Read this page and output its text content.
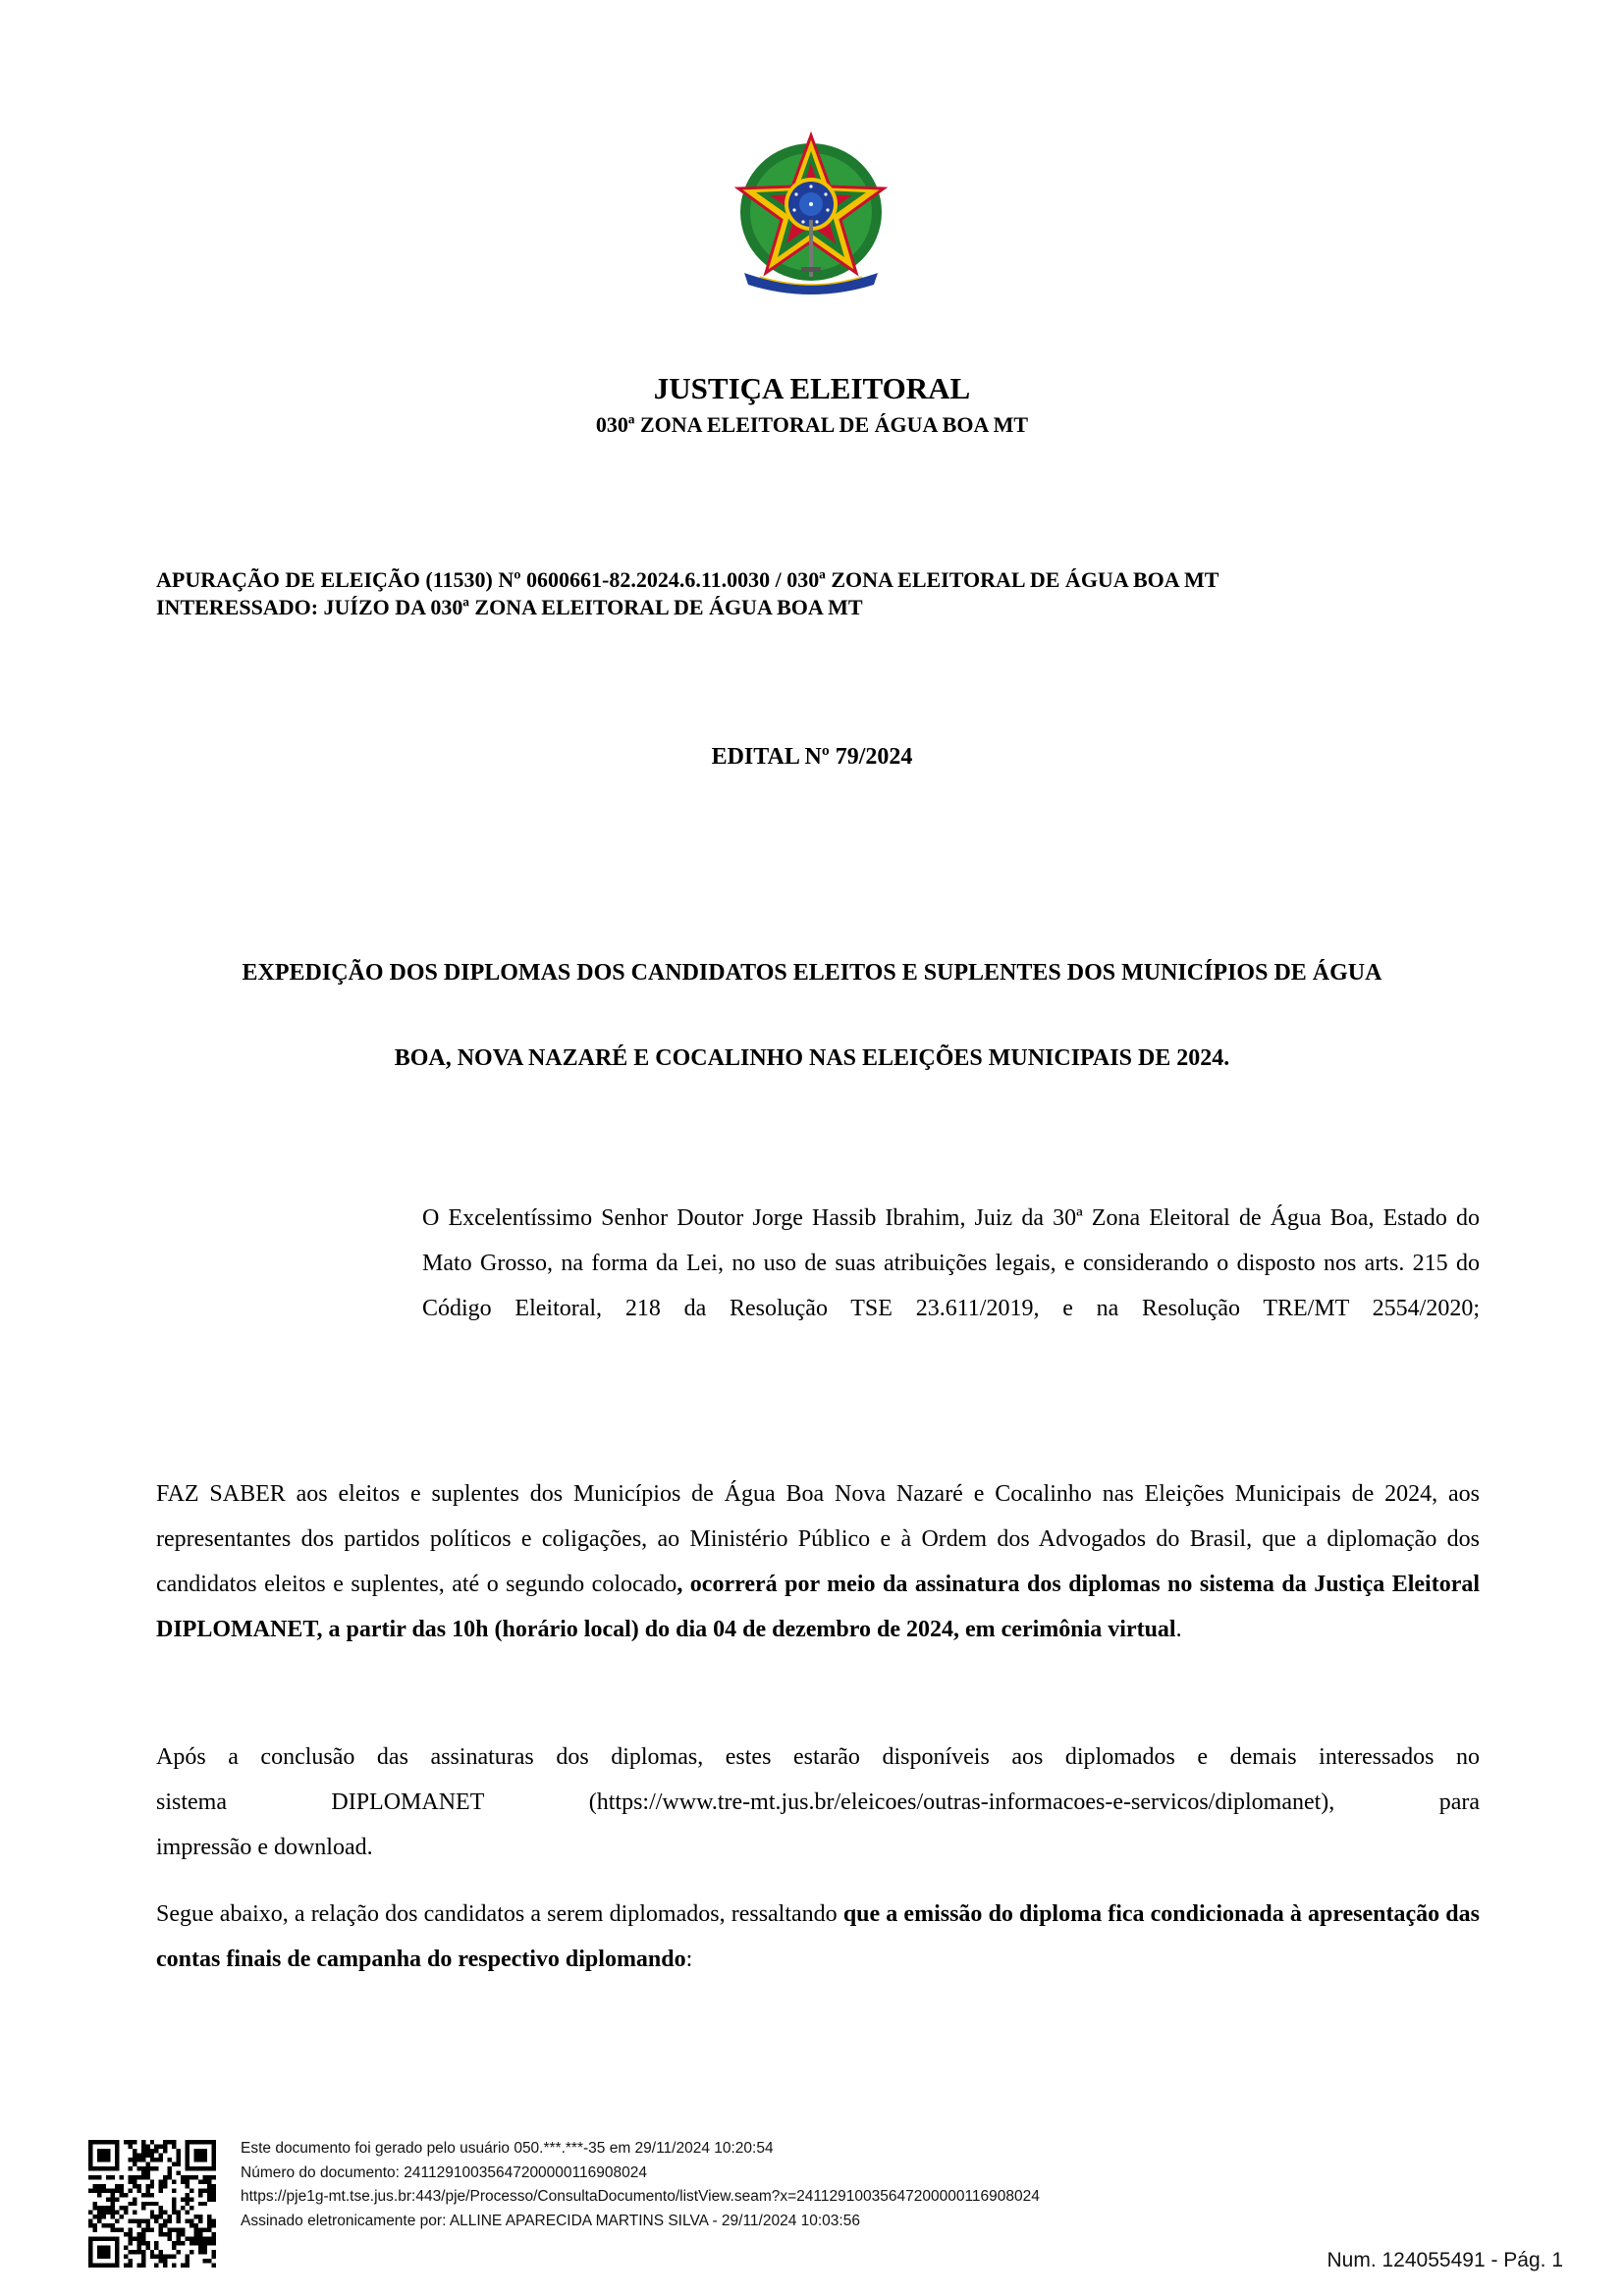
JUSTIÇA ELEITORAL
030ª ZONA ELEITORAL DE ÁGUA BOA MT
APURAÇÃO DE ELEIÇÃO (11530) Nº 0600661-82.2024.6.11.0030 / 030ª ZONA ELEITORAL DE ÁGUA BOA MT
INTERESSADO: JUÍZO DA 030ª ZONA ELEITORAL DE ÁGUA BOA MT
EDITAL Nº 79/2024
EXPEDIÇÃO DOS DIPLOMAS DOS CANDIDATOS ELEITOS E SUPLENTES DOS MUNICÍPIOS DE ÁGUA
BOA, NOVA NAZARÉ E COCALINHO NAS ELEIÇÕES MUNICIPAIS DE 2024.
O Excelentíssimo Senhor Doutor Jorge Hassib Ibrahim, Juiz da 30ª Zona Eleitoral de Água Boa, Estado do Mato Grosso, na forma da Lei, no uso de suas atribuições legais, e considerando o disposto nos arts. 215 do Código Eleitoral, 218 da Resolução TSE 23.611/2019, e na Resolução TRE/MT 2554/2020;
FAZ SABER aos eleitos e suplentes dos Municípios de Água Boa Nova Nazaré e Cocalinho nas Eleições Municipais de 2024, aos representantes dos partidos políticos e coligações, ao Ministério Público e à Ordem dos Advogados do Brasil, que a diplomação dos candidatos eleitos e suplentes, até o segundo colocado, ocorrerá por meio da assinatura dos diplomas no sistema da Justiça Eleitoral DIPLOMANET, a partir das 10h (horário local) do dia 04 de dezembro de 2024, em cerimônia virtual.
Após a conclusão das assinaturas dos diplomas, estes estarão disponíveis aos diplomados e demais interessados no
sistema	DIPLOMANET	(https://www.tre-mt.jus.br/eleicoes/outras-informacoes-e-servicos/diplomanet),	para
impressão e download.
Segue abaixo, a relação dos candidatos a serem diplomados, ressaltando que a emissão do diploma fica condicionada à apresentação das contas finais de campanha do respectivo diplomando:
Este documento foi gerado pelo usuário 050.***.***-35 em 29/11/2024 10:20:54
Número do documento: 24112910035647200000116908024
https://pje1g-mt.tse.jus.br:443/pje/Processo/ConsultaDocumento/listView.seam?x=24112910035647200000116908024
Assinado eletronicamente por: ALLINE APARECIDA MARTINS SILVA - 29/11/2024 10:03:56
Num. 124055491 - Pág. 1
